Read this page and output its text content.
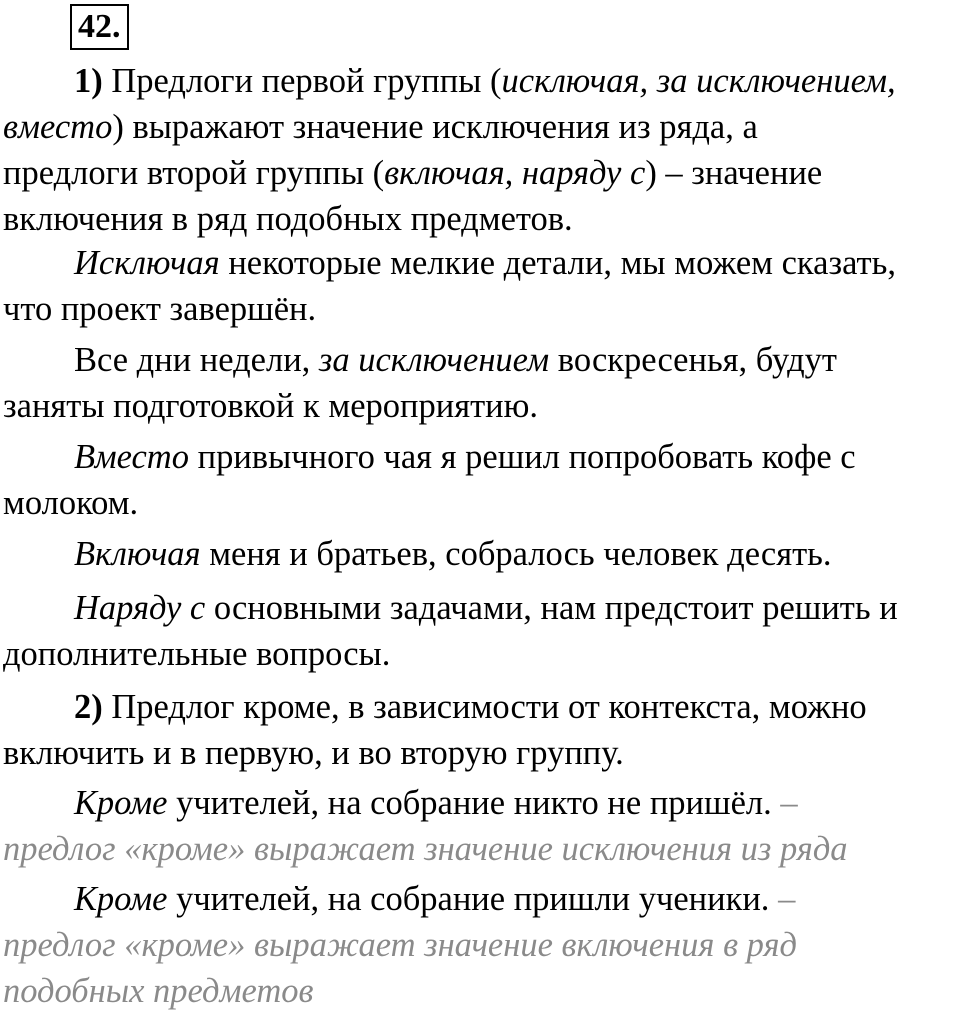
42.
1) Предлоги первой группы (исключая, за исключением,
вместо) выражают значение исключения из ряда, а
предлоги второй группы (включая, наряду с) – значение
включения в ряд подобных предметов.
Исключая некоторые мелкие детали, мы можем сказать,
что проект завершён.
Все дни недели, за исключением воскресенья, будут
заняты подготовкой к мероприятию.
Вместо привычного чая я решил попробовать кофе с
молоком.
Включая меня и братьев, собралось человек десять.
Наряду с основными задачами, нам предстоит решить и
дополнительные вопросы.
2) Предлог кроме, в зависимости от контекста, можно
включить и в первую, и во вторую группу.
Кроме учителей, на собрание никто не пришёл. –
предлог «кроме» выражает значение исключения из ряда
Кроме учителей, на собрание пришли ученики. –
предлог «кроме» выражает значение включения в ряд
подобных предметов
